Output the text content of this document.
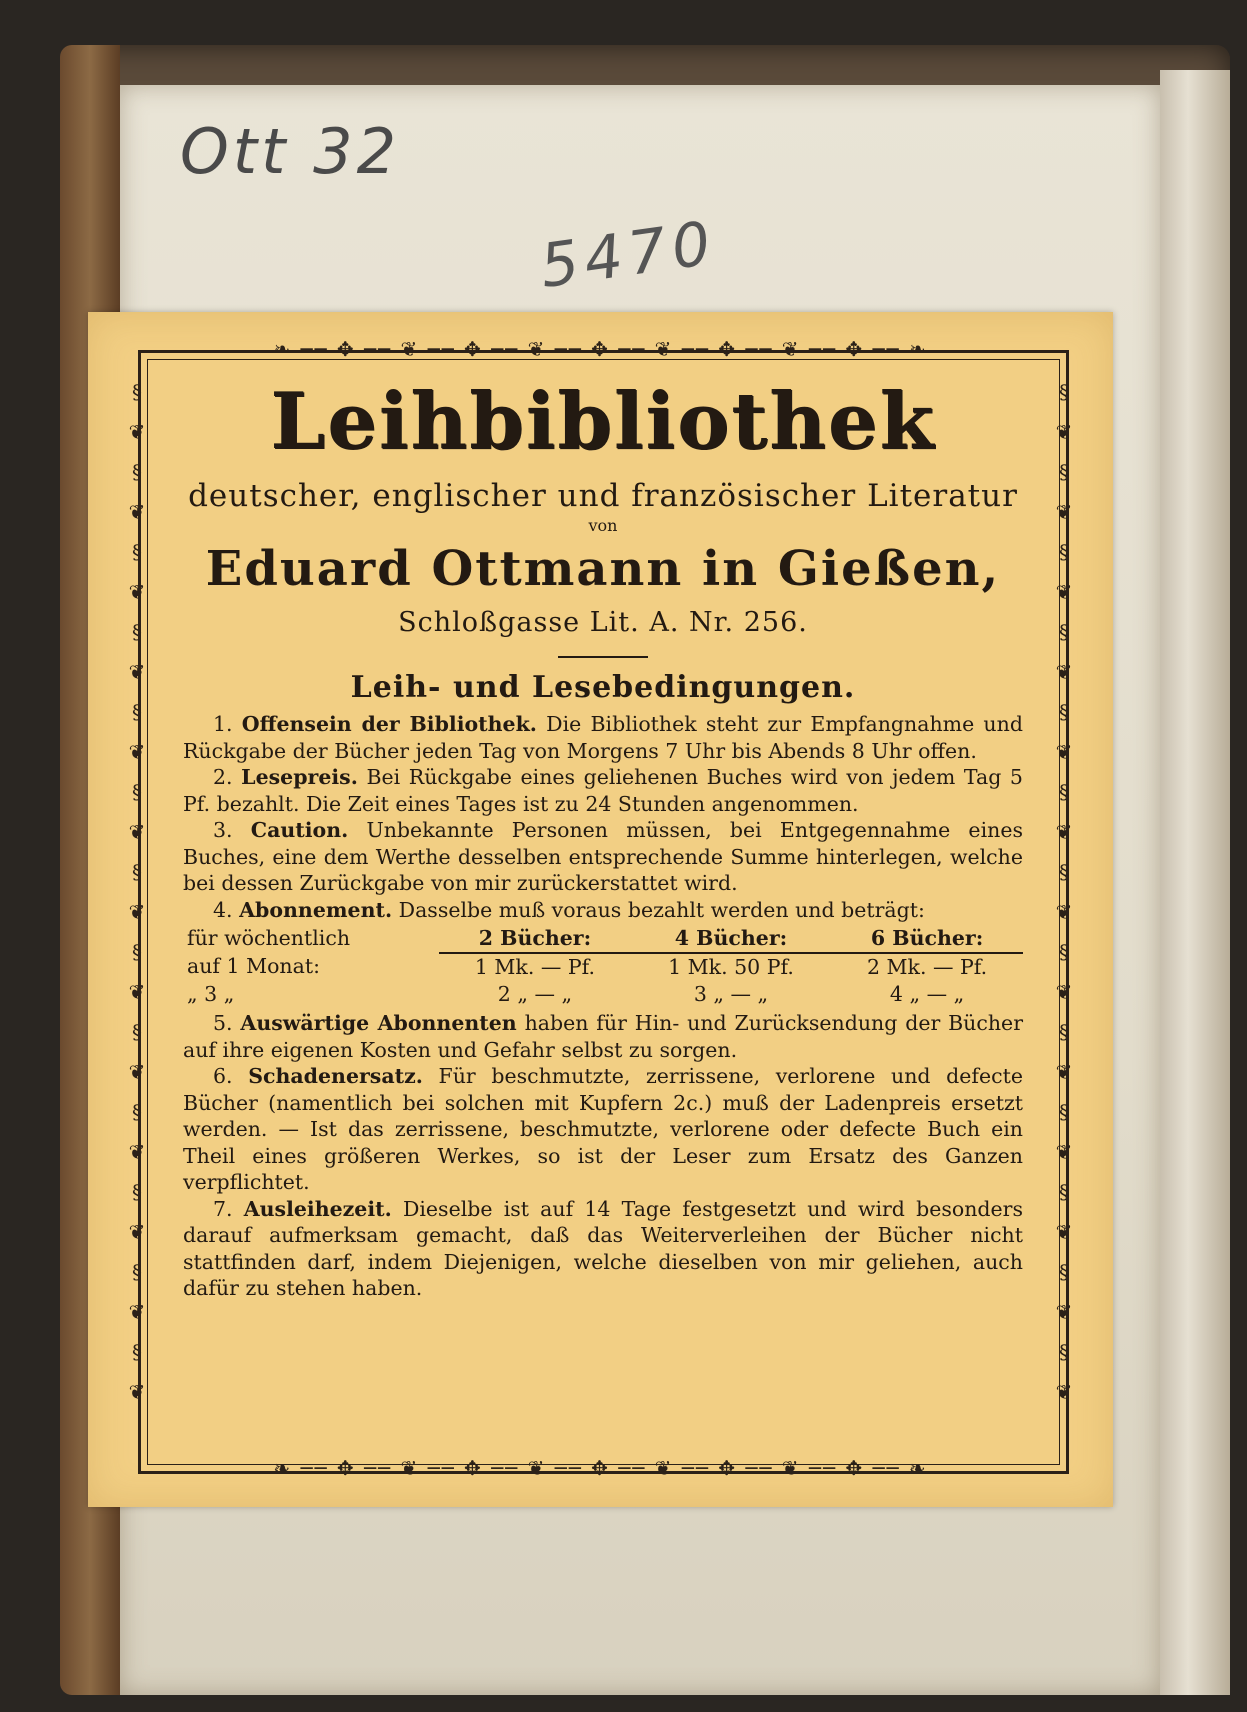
Ott 32
5470
❧ ── ✥ ── ❦ ── ✥ ── ❦ ── ✥ ── ❦ ── ✥ ── ❦ ── ✥ ── ❧
❧ ── ✥ ── ❦ ── ✥ ── ❦ ── ✥ ── ❦ ── ✥ ── ❦ ── ✥ ── ❧
§
❦
§
❦
§
❦
§
❦
§
❦
§
❦
§
❦
§
❦
§
❦
§
❦
§
❦
§
❦
§
❦
§
❦
§
❦
§
❦
§
❦
§
❦
§
❦
§
❦
§
❦
§
❦
§
❦
§
❦
§
❦
§
❦
Leihbibliothek

deutscher, englischer und französischer Literatur

von

Eduard Ottmann in Gießen,

Schloßgasse Lit. A. Nr. 256.

Leih- und Lesebedingungen.

1. Offensein der Bibliothek. Die Bibliothek steht zur Empfangnahme und Rückgabe der Bücher jeden Tag von Morgens 7 Uhr bis Abends 8 Uhr offen.

2. Lesepreis. Bei Rückgabe eines geliehenen Buches wird von jedem Tag 5 Pf. bezahlt. Die Zeit eines Tages ist zu 24 Stunden angenommen.

3. Caution. Unbekannte Personen müssen, bei Entgegennahme eines Buches, eine dem Werthe desselben entsprechende Summe hinterlegen, welche bei dessen Zurückgabe von mir zurückerstattet wird.

4. Abonnement. Dasselbe muß voraus bezahlt werden und beträgt:

für wöchentlich	2 Bücher:	4 Bücher:	6 Bücher:
auf 1 Monat:	1 Mk. — Pf.	1 Mk. 50 Pf.	2 Mk. — Pf.
„ 3 „	2 „ — „	3 „ — „	4 „ — „

5. Auswärtige Abonnenten haben für Hin- und Zurücksendung der Bücher auf ihre eigenen Kosten und Gefahr selbst zu sorgen.

6. Schadenersatz. Für beschmutzte, zerrissene, verlorene und defecte Bücher (namentlich bei solchen mit Kupfern 2c.) muß der Ladenpreis ersetzt werden. — Ist das zerrissene, beschmutzte, verlorene oder defecte Buch ein Theil eines größeren Werkes, so ist der Leser zum Ersatz des Ganzen verpflichtet.

7. Ausleihezeit. Dieselbe ist auf 14 Tage festgesetzt und wird besonders darauf aufmerksam gemacht, daß das Weiterverleihen der Bücher nicht stattfinden darf, indem Diejenigen, welche dieselben von mir geliehen, auch dafür zu stehen haben.
